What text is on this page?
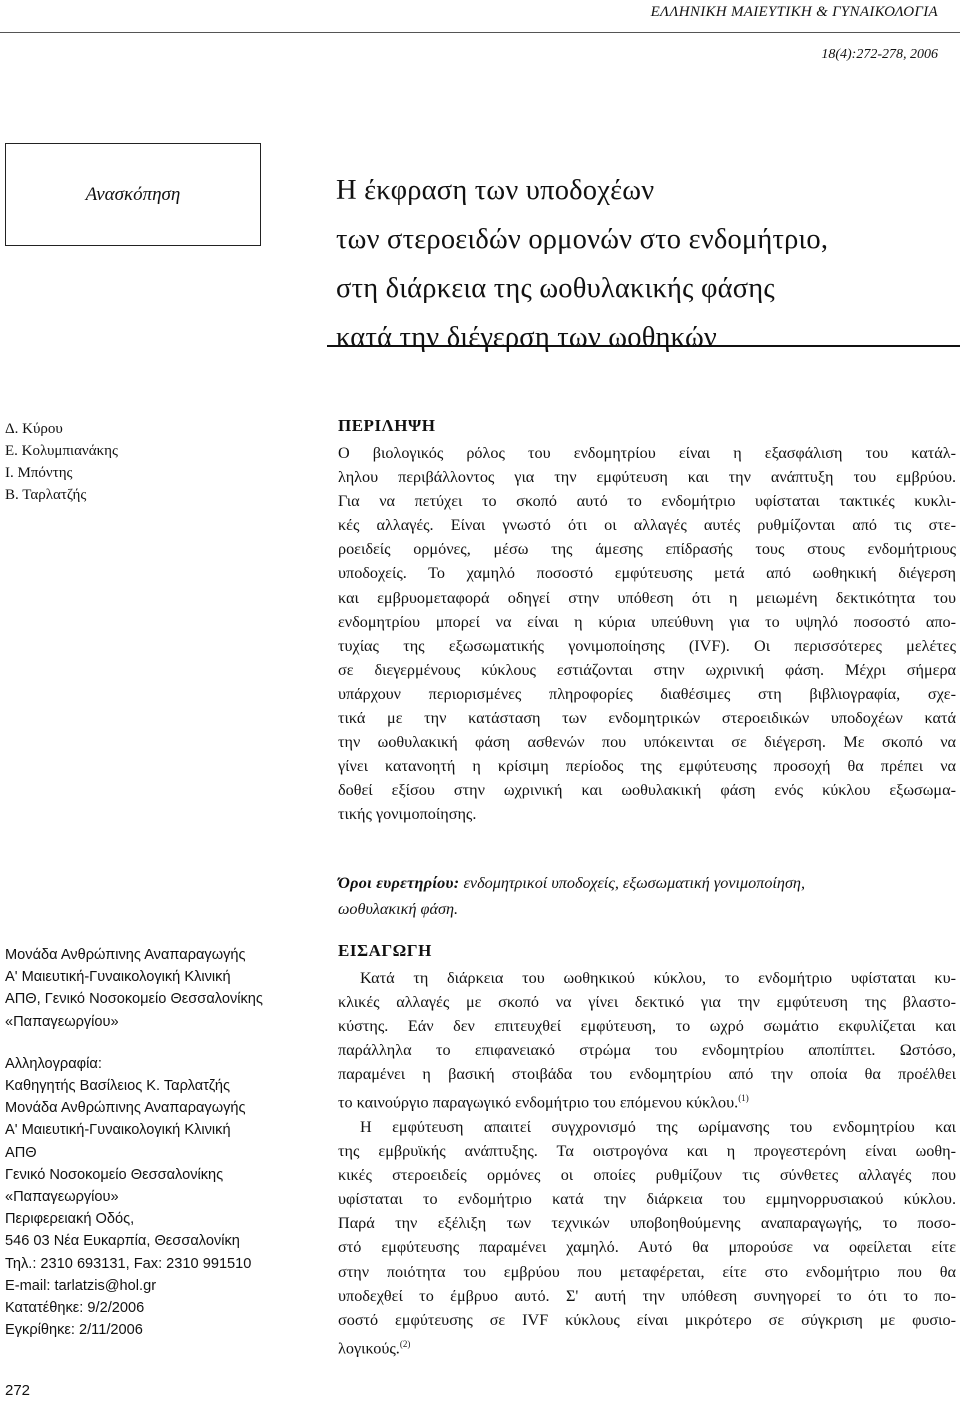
ΕΛΛΗΝΙΚΗ ΜΑΙΕΥΤΙΚΗ & ΓΥΝΑΙΚΟΛΟΓΙΑ
18(4):272-278, 2006
Ανασκόπηση	Η έκφραση των υποδοχέων
των στεροειδών ορμονών στο ενδομήτριο,
στη διάρκεια της ωοθυλακικής φάσης
κατά την διέγερση των ωοθηκών
Δ. Κύρου
Ε. Κολυμπιανάκης
Ι. Μπόντης
Β. Ταρλατζής
ΠΕΡΙΛΗΨΗ
Ο βιολογικός ρόλος του ενδομητρίου είναι η εξασφάλιση του κατάλ-
ληλου περιβάλλοντος για την εμφύτευση και την ανάπτυξη του εμβρύου.
Για να πετύχει το σκοπό αυτό το ενδομήτριο υφίσταται τακτικές κυκλι-
κές αλλαγές. Είναι γνωστό ότι οι αλλαγές αυτές ρυθμίζονται από τις στε-
ροειδείς ορμόνες, μέσω της άμεσης επίδρασής τους στους ενδομήτριους
υποδοχείς. Το χαμηλό ποσοστό εμφύτευσης μετά από ωοθηκική διέγερση
και εμβρυομεταφορά οδηγεί στην υπόθεση ότι η μειωμένη δεκτικότητα του
ενδομητρίου μπορεί να είναι η κύρια υπεύθυνη για το υψηλό ποσοστό απο-
τυχίας της εξωσωματικής γονιμοποίησης (IVF). Οι περισσότερες μελέτες
σε διεγερμένους κύκλους εστιάζονται στην ωχρινική φάση. Μέχρι σήμερα
υπάρχουν περιορισμένες πληροφορίες διαθέσιμες στη βιβλιογραφία, σχε-
τικά με την κατάσταση των ενδομητρικών στεροειδικών υποδοχέων κατά
την ωοθυλακική φάση ασθενών που υπόκεινται σε διέγερση. Με σκοπό να
γίνει κατανοητή η κρίσιμη περίοδος της εμφύτευσης προσοχή θα πρέπει να
δοθεί εξίσου στην ωχρινική και ωοθυλακική φάση ενός κύκλου εξωσωμα-
τικής γονιμοποίησης.
Όροι ευρετηρίου: ενδομητρικοί υποδοχείς, εξωσωματική γονιμοποίηση,
ωοθυλακική φάση.
ΕΙΣΑΓΩΓΗ
Κατά τη διάρκεια του ωοθηκικού κύκλου, το ενδομήτριο υφίσταται κυ-
κλικές αλλαγές με σκοπό να γίνει δεκτικό για την εμφύτευση της βλαστο-
κύστης. Εάν δεν επιτευχθεί εμφύτευση, το ωχρό σωμάτιο εκφυλίζεται και
παράλληλα το επιφανειακό στρώμα του ενδομητρίου αποπίπτει. Ωστόσο,
παραμένει η βασική στοιβάδα του ενδομητρίου από την οποία θα προέλθει
το καινούργιο παραγωγικό ενδομήτριο του επόμενου κύκλου.$^{(1)}$
Η εμφύτευση απαιτεί συγχρονισμό της ωρίμανσης του ενδομητρίου και
της εμβρυϊκής ανάπτυξης. Τα οιστρογόνα και η προγεστερόνη είναι ωοθη-
κικές στεροειδείς ορμόνες οι οποίες ρυθμίζουν τις σύνθετες αλλαγές που
υφίσταται το ενδομήτριο κατά την διάρκεια του εμμηνορρυσιακού κύκλου.
Παρά την εξέλιξη των τεχνικών υποβοηθούμενης αναπαραγωγής, το ποσο-
στό εμφύτευσης παραμένει χαμηλό. Αυτό θα μπορούσε να οφείλεται είτε
στην ποιότητα του εμβρύου που μεταφέρεται, είτε στο ενδομήτριο που θα
υποδεχθεί το έμβρυο αυτό. Σ' αυτή την υπόθεση συνηγορεί το ότι το πο-
σοστό εμφύτευσης σε IVF κύκλους είναι μικρότερο σε σύγκριση με φυσιο-
λογικούς.$^{(2)}$
Μονάδα Ανθρώπινης Αναπαραγωγής
Α' Μαιευτική-Γυναικολογική Κλινική
ΑΠΘ, Γενικό Νοσοκομείο Θεσσαλονίκης
«Παπαγεωργίου»
Αλληλογραφία:
Καθηγητής Βασίλειος Κ. Ταρλατζής
Μονάδα Ανθρώπινης Αναπαραγωγής
Α' Μαιευτική-Γυναικολογική Κλινική
ΑΠΘ
Γενικό Νοσοκομείο Θεσσαλονίκης
«Παπαγεωργίου»
Περιφερειακή Οδός,
546 03 Νέα Ευκαρπία, Θεσσαλονίκη
Τηλ.: 2310 693131, Fax: 2310 991510
E-mail: tarlatzis@hol.gr
Κατατέθηκε: 9/2/2006
Εγκρίθηκε: 2/11/2006
272
